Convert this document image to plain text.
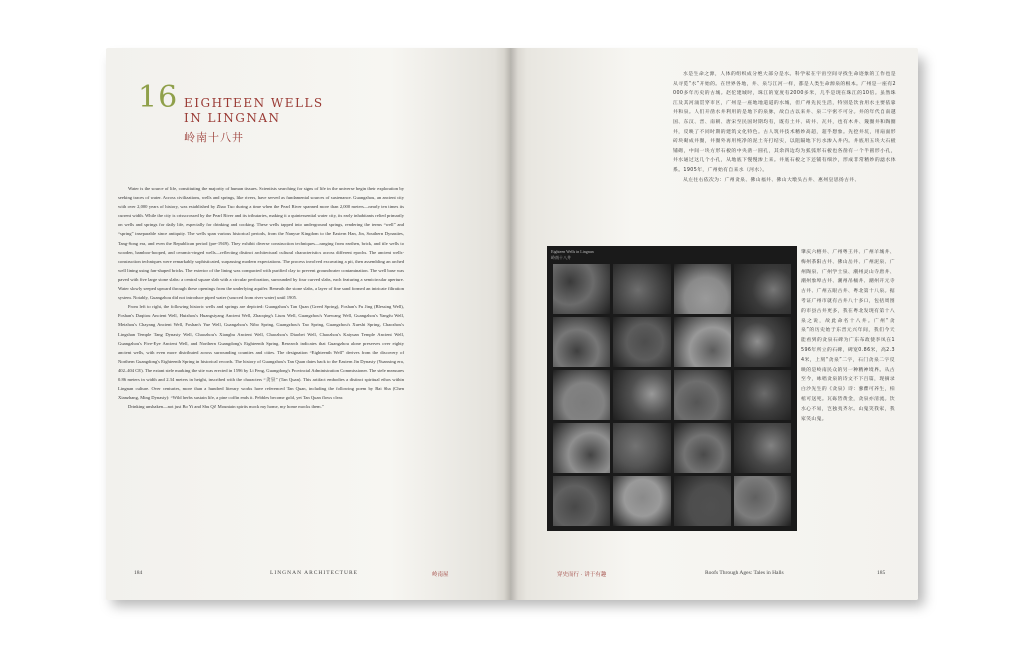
16 EIGHTEEN WELLS
IN LINGNAN
岭南十八井

Water is the source of life, constituting the majority of human tissues. Scientists searching for signs of life in the universe begin their exploration by seeking traces of water. Across civilizations, wells and springs, like rivers, have served as fundamental sources of sustenance. Guangzhou, an ancient city with over 2,000 years of history, was established by Zhao Tuo during a time when the Pearl River spanned more than 2,000 meters—nearly ten times its current width. While the city is crisscrossed by the Pearl River and its tributaries, making it a quintessential water city, its early inhabitants relied primarily on wells and springs for daily life, especially for drinking and cooking. These wells tapped into underground springs, rendering the terms “well” and “spring” inseparable since antiquity. The wells span various historical periods, from the Nanyue Kingdom to the Eastern Han, Jin, Southern Dynasties, Tang-Song era, and even the Republican period (pre-1949). They exhibit diverse construction techniques—ranging from earthen, brick, and tile wells to wooden, bamboo-hooped, and ceramic-ringed wells—reflecting distinct architectural cultural characteristics across different epochs. The ancient wells-construction techniques were remarkably sophisticated, surpassing modern expectations. The process involved excavating a pit, then assembling an arched well lining using fan-shaped bricks. The exterior of the lining was compacted with purified clay to prevent groundwater contamination. The well base was paved with five large stone slabs: a central square slab with a circular perforation, surrounded by four curved slabs, each featuring a semicircular aperture. Water slowly seeped upward through these openings from the underlying aquifer. Beneath the stone slabs, a layer of fine sand formed an intricate filtration system. Notably, Guangzhou did not introduce piped water (sourced from river water) until 1905.

From left to right, the following historic wells and springs are depicted: Guangzhou's Tan Quan (Greed Spring), Foshan's Fu Jing (Blessing Well), Foshan's Daqitou Ancient Well, Huizhou's Huangsiyang Ancient Well, Zhaoqing's Liuru Well, Guangzhou's Yuewang Well, Guangzhou's Yangfu Well, Meizhou's Chayang Ancient Well, Foshan's Yue Well, Guangzhou's Nibo Spring, Guangzhou's Tao Spring, Guangzhou's Xueshi Spring, Chaozhou's Lingshan Temple Tang Dynasty Well, Chaozhou's Xiangbu Ancient Well, Chaozhou's Diaobei Well, Chaozhou's Kaiyuan Temple Ancient Well, Guangzhou's Five-Eye Ancient Well, and Northern Guangdong's Eighteenth Spring. Research indicates that Guangzhou alone preserves over eighty ancient wells, with even more distributed across surrounding counties and cities. The designation “Eighteenth Well” derives from the discovery of Northern Guangdong's Eighteenth Spring in historical records. The history of Guangzhou's Tan Quan dates back to the Eastern Jin Dynasty (Yuanxing era, 402–404 CE). The extant stele marking the site was erected in 1596 by Li Feng, Guangdong's Provincial Administration Commissioner. The stele measures 0.86 meters in width and 2.34 meters in height, inscribed with the characters “贪泉” (Tan Quan). This artifact embodies a distinct spiritual ethos within Lingnan culture. Over centuries, more than a hundred literary works have referenced Tan Quan, including the following poem by Bai Sha (Chen Xianzhang, Ming Dynasty): “Wild herbs sustain life, a pine coffin ends it. Pebbles become gold, yet Tan Quan flows clear.

Drinking unshaken—not just Bo Yi and Shu Qi! Mountain spirits mock my home, my home mocks them.”

184	LINGNAN ARCHITECTURE	岭南屋
水是生命之源，人体的组织成分绝大部分是水。科学家在宇宙空间寻找生命迹象的工作也是从寻觅“水”开始的。在世界各地，井、泉与江河一样，都是人类生命源泉的根本。广州是一座有2000多年历史的古城。赵佗建城时，珠江的宽度有2000多米，几乎是现在珠江的10倍。虽然珠江及其河涌贯穿市区，广州是一座地地道道的水城，但广州先民生活，特别是饮食用水主要依靠井和泉。人们开凿水井利用的是地下的泉脉，故自古以来井、泉二字密不可分。井的年代自南越国、东汉、晋、南朝、唐宋至民国时期均有，既有土井、砖井、瓦井，也有木井、篾圈井和陶圈井，反映了不同时期的建筑文化特色。古人筑井技术精妙高超，超乎想象。先挖井坑，用扇面形砖块砌成井圈，井圈外再用纯净的泥土夯打结实，以阻隔地下污水渗入井内。井底用五块大石板铺砌，中间一块方形石板的中央凿一圆孔，其余四边均为弧弧形石板也各凿有一个半圆形小孔，井水通过这几个小孔，从地底下慢慢渗上来。井底石板之下还铺有细沙，形成非常精妙的滤水体系。1905年，广州始有自来水（河水）。
从左往右依次为：广州贪泉、佛山福井、佛山大墩头古井、惠州皇思扬古井、
Eighteen Wells in Lingnan
岭南十八井
肇庆六榕井、广州粤王井、广州羊城井、梅州茶阳古井、佛山岳井、广州泥泉、广州陶泉、广州学士泉、潮州灵山寺唐井、潮州象埠古井、潮州吊桶井、潮州开元寺古井、广州五眼古井、粤北第十八泉。据考证广州市就有古井八十多口，包括周围的市县古井更多，我在粤北发现有第十八泉之说，故此命名十八井。广州“贪泉”的历史始于东晋元兴年间，我们今天能看到的贪泉石碑为广东布政使李凤在1596年所立的石碑，碑宽0.86米，高2.34米，上刻“贪泉”二字，石门贪泉二字反映的是岭南民众的另一种精神境界。从古至今，咏唱贪泉的诗文不下百篇，现摘录白沙先生的《贪泉》诗：蓼藿可养生，柏棺可送死。瓦砾皆黄金，贪泉亦清流。饮水心不易，岂独夷齐尔。山鬼笑我家，我家笑山鬼。
穿史而行 · 讲于有趣	Roofs Through Ages: Tales in Halls	185
